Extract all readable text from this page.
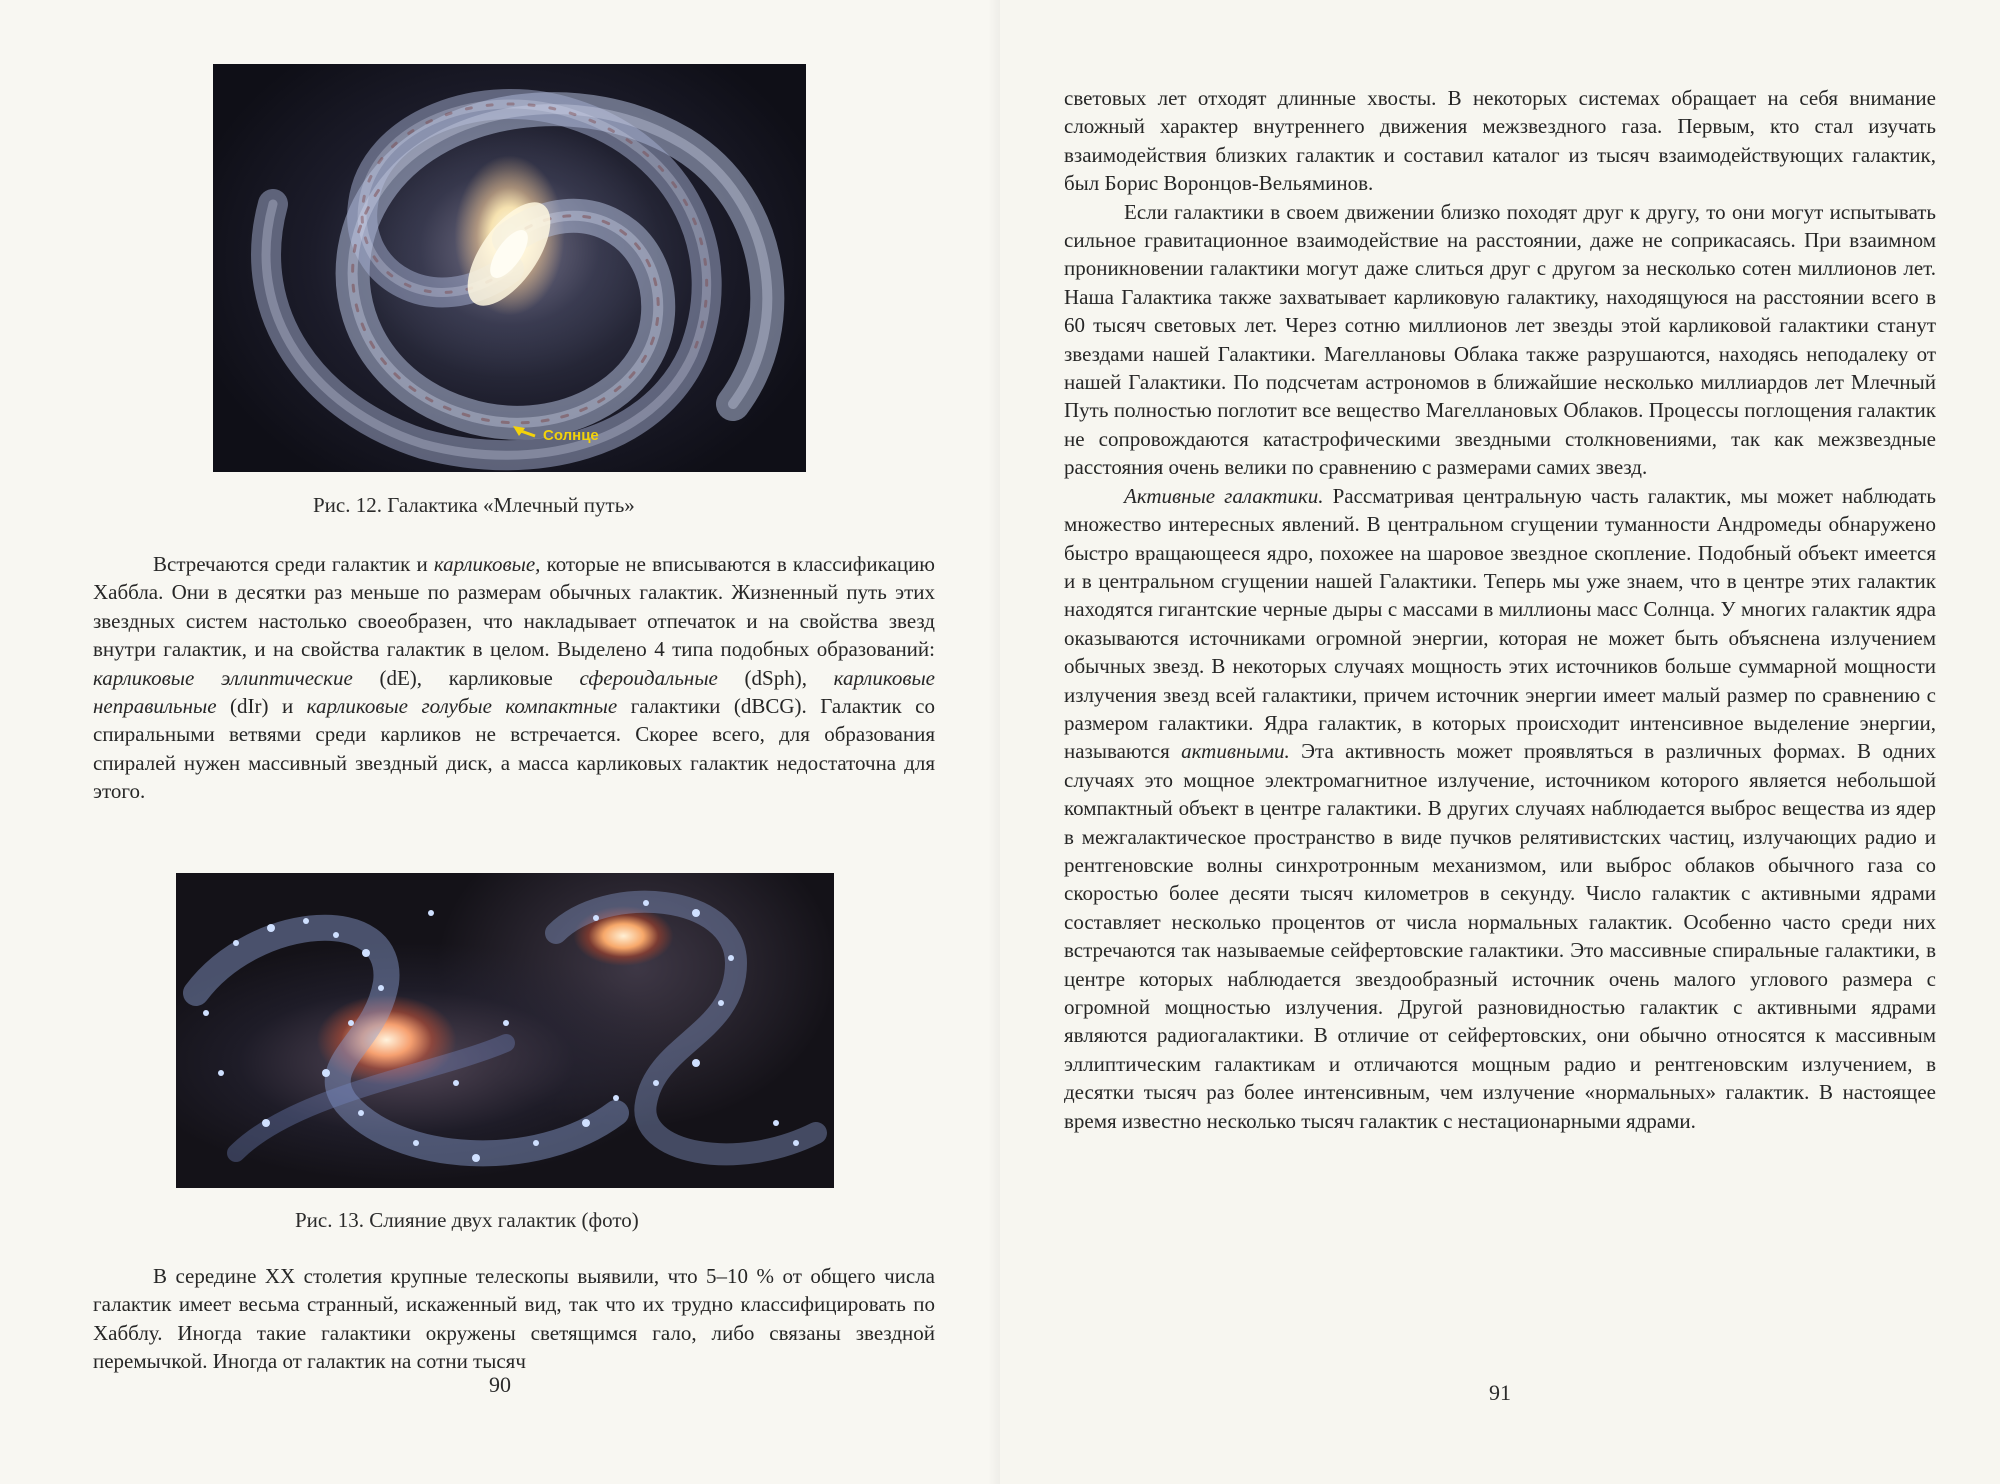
Солнце
Рис. 12. Галактика «Млечный путь»

Встречаются среди галактик и карликовые, которые не вписываются в классификацию Хаббла. Они в десятки раз меньше по размерам обычных галактик. Жизненный путь этих звездных систем настолько своеобразен, что накладывает отпечаток и на свойства звезд внутри галактик, и на свойства галактик в целом. Выделено 4 типа подобных образований: карликовые эллиптические (dE), карликовые сфероидальные (dSph), карликовые неправильные (dIr) и карликовые голубые компактные галактики (dBCG). Галактик со спиральными ветвями среди карликов не встречается. Скорее всего, для образования спиралей нужен массивный звездный диск, а масса карликовых галактик недостаточна для этого.

Рис. 13. Слияние двух галактик (фото)

В середине XX столетия крупные телескопы выявили, что 5–10 % от общего числа галактик имеет весьма странный, искаженный вид, так что их трудно классифицировать по Хабблу. Иногда такие галактики окружены светящимся гало, либо связаны звездной перемычкой. Иногда от галактик на сотни тысяч

90

световых лет отходят длинные хвосты. В некоторых системах обращает на себя внимание сложный характер внутреннего движения межзвездного газа. Первым, кто стал изучать взаимодействия близких галактик и составил каталог из тысяч взаимодействующих галактик, был Борис Воронцов-Вельяминов.

Если галактики в своем движении близко походят друг к другу, то они могут испытывать сильное гравитационное взаимодействие на расстоянии, даже не соприкасаясь. При взаимном проникновении галактики могут даже слиться друг с другом за несколько сотен миллионов лет. Наша Галактика также захватывает карликовую галактику, находящуюся на расстоянии всего в 60 тысяч световых лет. Через сотню миллионов лет звезды этой карликовой галактики станут звездами нашей Галактики. Магеллановы Облака также разрушаются, находясь неподалеку от нашей Галактики. По подсчетам астрономов в ближайшие несколько миллиардов лет Млечный Путь полностью поглотит все вещество Магеллановых Облаков. Процессы поглощения галактик не сопровождаются катастрофическими звездными столкновениями, так как межзвездные расстояния очень велики по сравнению с размерами самих звезд.

Активные галактики. Рассматривая центральную часть галактик, мы может наблюдать множество интересных явлений. В центральном сгущении туманности Андромеды обнаружено быстро вращающееся ядро, похожее на шаровое звездное скопление. Подобный объект имеется и в центральном сгущении нашей Галактики. Теперь мы уже знаем, что в центре этих галактик находятся гигантские черные дыры с массами в миллионы масс Солнца. У многих галактик ядра оказываются источниками огромной энергии, которая не может быть объяснена излучением обычных звезд. В некоторых случаях мощность этих источников больше суммарной мощности излучения звезд всей галактики, причем источник энергии имеет малый размер по сравнению с размером галактики. Ядра галактик, в которых происходит интенсивное выделение энергии, называются активными. Эта активность может проявляться в различных формах. В одних случаях это мощное электромагнитное излучение, источником которого является небольшой компактный объект в центре галактики. В других случаях наблюдается выброс вещества из ядер в межгалактическое пространство в виде пучков релятивистских частиц, излучающих радио и рентгеновские волны синхротронным механизмом, или выброс облаков обычного газа со скоростью более десяти тысяч километров в секунду. Число галактик с активными ядрами составляет несколько процентов от числа нормальных галактик. Особенно часто среди них встречаются так называемые сейфертовские галактики. Это массивные спиральные галактики, в центре которых наблюдается звездообразный источник очень малого углового размера с огромной мощностью излучения. Другой разновидностью галактик с активными ядрами являются радиогалактики. В отличие от сейфертовских, они обычно относятся к массивным эллиптическим галактикам и отличаются мощным радио и рентгеновским излучением, в десятки тысяч раз более интенсивным, чем излучение «нормальных» галактик. В настоящее время известно несколько тысяч галактик с нестационарными ядрами.

91
